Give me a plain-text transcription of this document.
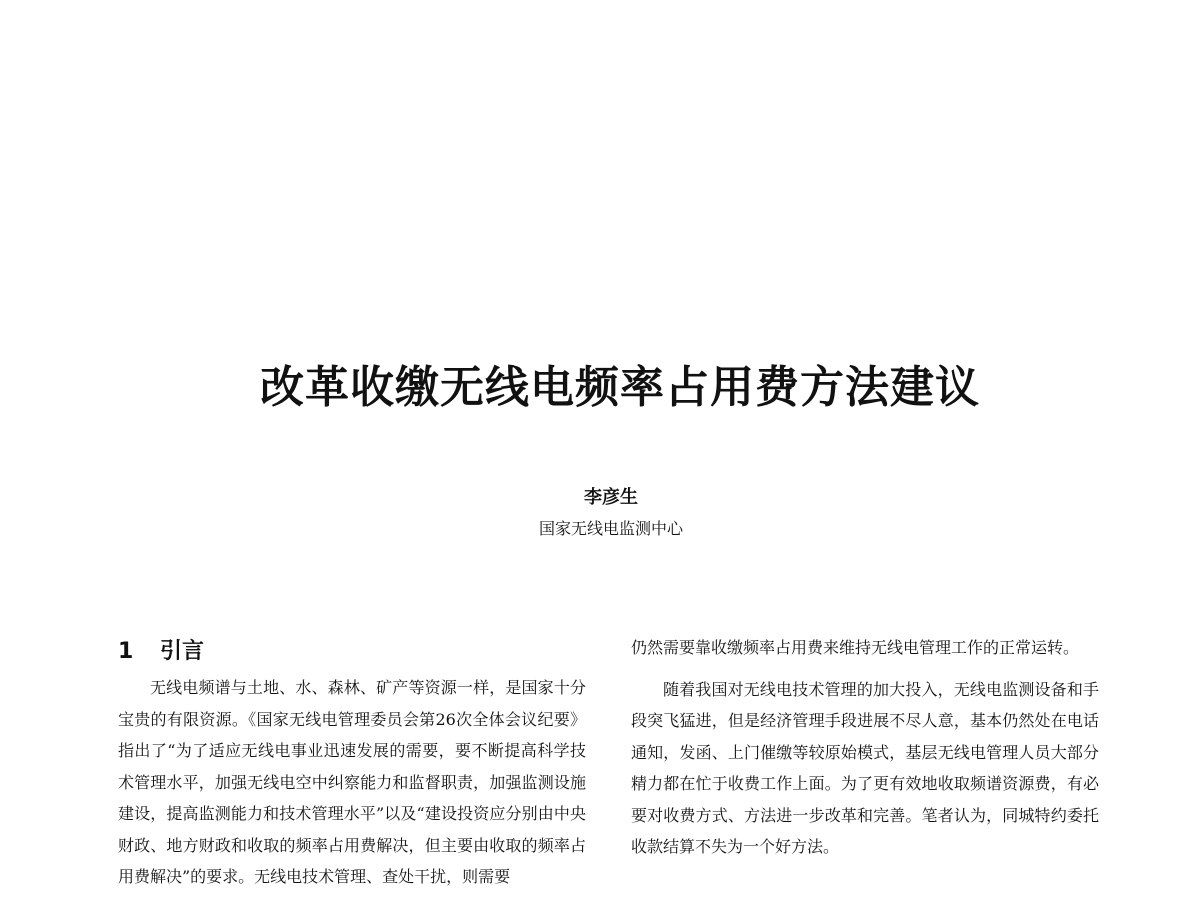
改革收缴无线电频率占用费方法建议
李彦生
国家无线电监测中心
1 引言

无线电频谱与土地、水、森林、矿产等资源一样，是国家十分宝贵的有限资源。《国家无线电管理委员会第26次全体会议纪要》指出了“为了适应无线电事业迅速发展的需要，要不断提高科学技术管理水平，加强无线电空中纠察能力和监督职责，加强监测设施建设，提高监测能力和技术管理水平”以及“建设投资应分别由中央财政、地方财政和收取的频率占用费解决，但主要由收取的频率占用费解决”的要求。无线电技术管理、查处干扰，则需要

仍然需要靠收缴频率占用费来维持无线电管理工作的正常运转。

随着我国对无线电技术管理的加大投入，无线电监测设备和手段突飞猛进，但是经济管理手段进展不尽人意，基本仍然处在电话通知，发函、上门催缴等较原始模式，基层无线电管理人员大部分精力都在忙于收费工作上面。为了更有效地收取频谱资源费，有必要对收费方式、方法进一步改革和完善。笔者认为，同城特约委托收款结算不失为一个好方法。
